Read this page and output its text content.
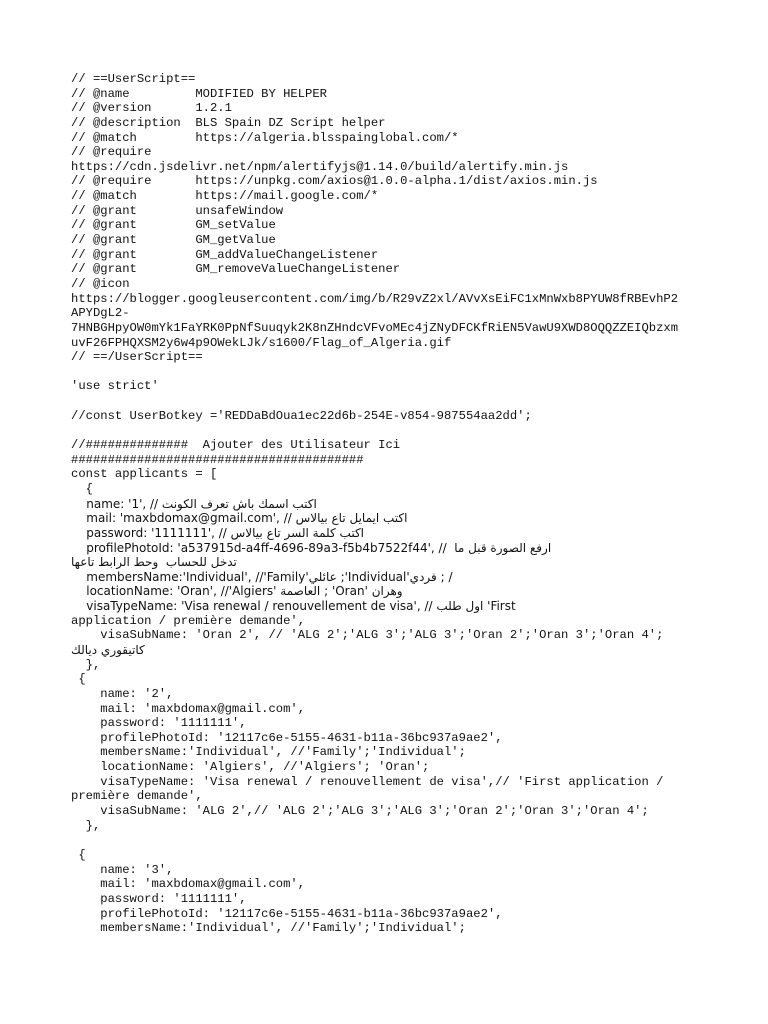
// ==UserScript==
// @name         MODIFIED BY HELPER
// @version      1.2.1
// @description  BLS Spain DZ Script helper
// @match        https://algeria.blsspainglobal.com/*
// @require
https://cdn.jsdelivr.net/npm/alertifyjs@1.14.0/build/alertify.min.js
// @require      https://unpkg.com/axios@1.0.0-alpha.1/dist/axios.min.js
// @match        https://mail.google.com/*
// @grant        unsafeWindow
// @grant        GM_setValue
// @grant        GM_getValue
// @grant        GM_addValueChangeListener
// @grant        GM_removeValueChangeListener
// @icon
https://blogger.googleusercontent.com/img/b/R29vZ2xl/AVvXsEiFC1xMnWxb8PYUW8fRBEvhP2
APYDgL2-
7HNBGHpyOW0mYk1FaYRK0PpNfSuuqyk2K8nZHndcVFvoMEc4jZNyDFCKfRiEN5VawU9XWD8OQQZZEIQbzxm
uvF26FPHQXSM2y6w4p9OWekLJk/s1600/Flag_of_Algeria.gif
// ==/UserScript==
'use strict'
//const UserBotkey ='REDDaBdOua1ec22d6b-254E-v854-987554aa2dd';
//##############  Ajouter des Utilisateur Ici
########################################
const applicants = [
{
name: '1', // اكتب اسمك باش تعرف الكونت
mail: 'maxbdomax@gmail.com', // اكتب ايمايل تاع بيالاس
password: '1111111', // اكتب كلمة السر تاع بيالاس
profilePhotoId: 'a537915d-a4ff-4696-89a3-f5b4b7522f44', //  ارفع الصورة قبل ما
تدخل للحساب  وحط الرابط تاعها
membersName:'Individual', //'Family'عائلي ;'Individual'فردي ; /
locationName: 'Oran', //'Algiers' العاصمة ; 'Oran' وهران
visaTypeName: 'Visa renewal / renouvellement de visa', // اول طلب 'First
application / première demande',
visaSubName: 'Oran 2', // 'ALG 2';'ALG 3';'ALG 3';'Oran 2';'Oran 3';'Oran 4';
كاتيقوري ديالك
},
{
name: '2',
mail: 'maxbdomax@gmail.com',
password: '1111111',
profilePhotoId: '12117c6e-5155-4631-b11a-36bc937a9ae2',
membersName:'Individual', //'Family';'Individual';
locationName: 'Algiers', //'Algiers'; 'Oran';
visaTypeName: 'Visa renewal / renouvellement de visa',// 'First application /
première demande',
visaSubName: 'ALG 2',// 'ALG 2';'ALG 3';'ALG 3';'Oran 2';'Oran 3';'Oran 4';
},
{
name: '3',
mail: 'maxbdomax@gmail.com',
password: '1111111',
profilePhotoId: '12117c6e-5155-4631-b11a-36bc937a9ae2',
membersName:'Individual', //'Family';'Individual';
